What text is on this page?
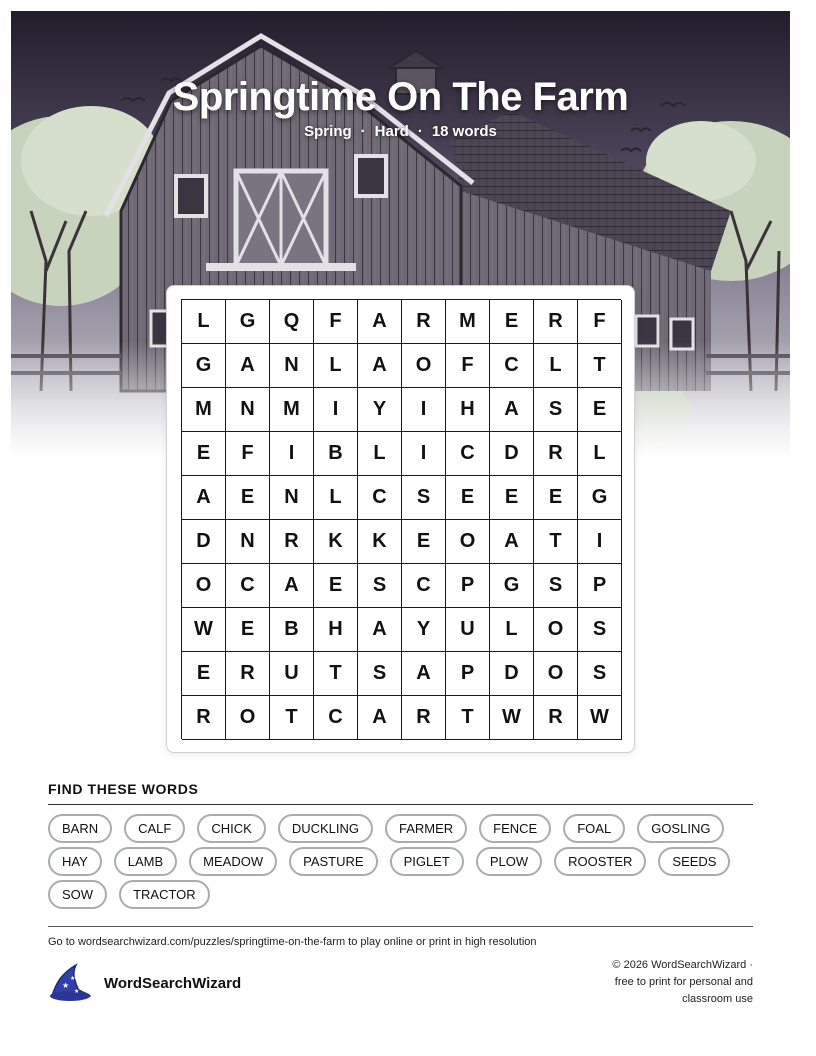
Springtime On The Farm
Spring · Hard · 18 words
L	G	Q	F	A	R	M	E	R	F
G	A	N	L	A	O	F	C	L	T
M	N	M	I	Y	I	H	A	S	E
E	F	I	B	L	I	C	D	R	L
A	E	N	L	C	S	E	E	E	G
D	N	R	K	K	E	O	A	T	I
O	C	A	E	S	C	P	G	S	P
W	E	B	H	A	Y	U	L	O	S
E	R	U	T	S	A	P	D	O	S
R	O	T	C	A	R	T	W	R	W
FIND THESE WORDS
BARN	CALF	CHICK	DUCKLING	FARMER	FENCE	FOAL	GOSLING
HAY	LAMB	MEADOW	PASTURE	PIGLET	PLOW	ROOSTER	SEEDS
SOW	TRACTOR
Go to wordsearchwizard.com/puzzles/springtime-on-the-farm to play online or print in high resolution
★
★
★ WordSearchWizard
© 2026 WordSearchWizard ·
free to print for personal and
classroom use
